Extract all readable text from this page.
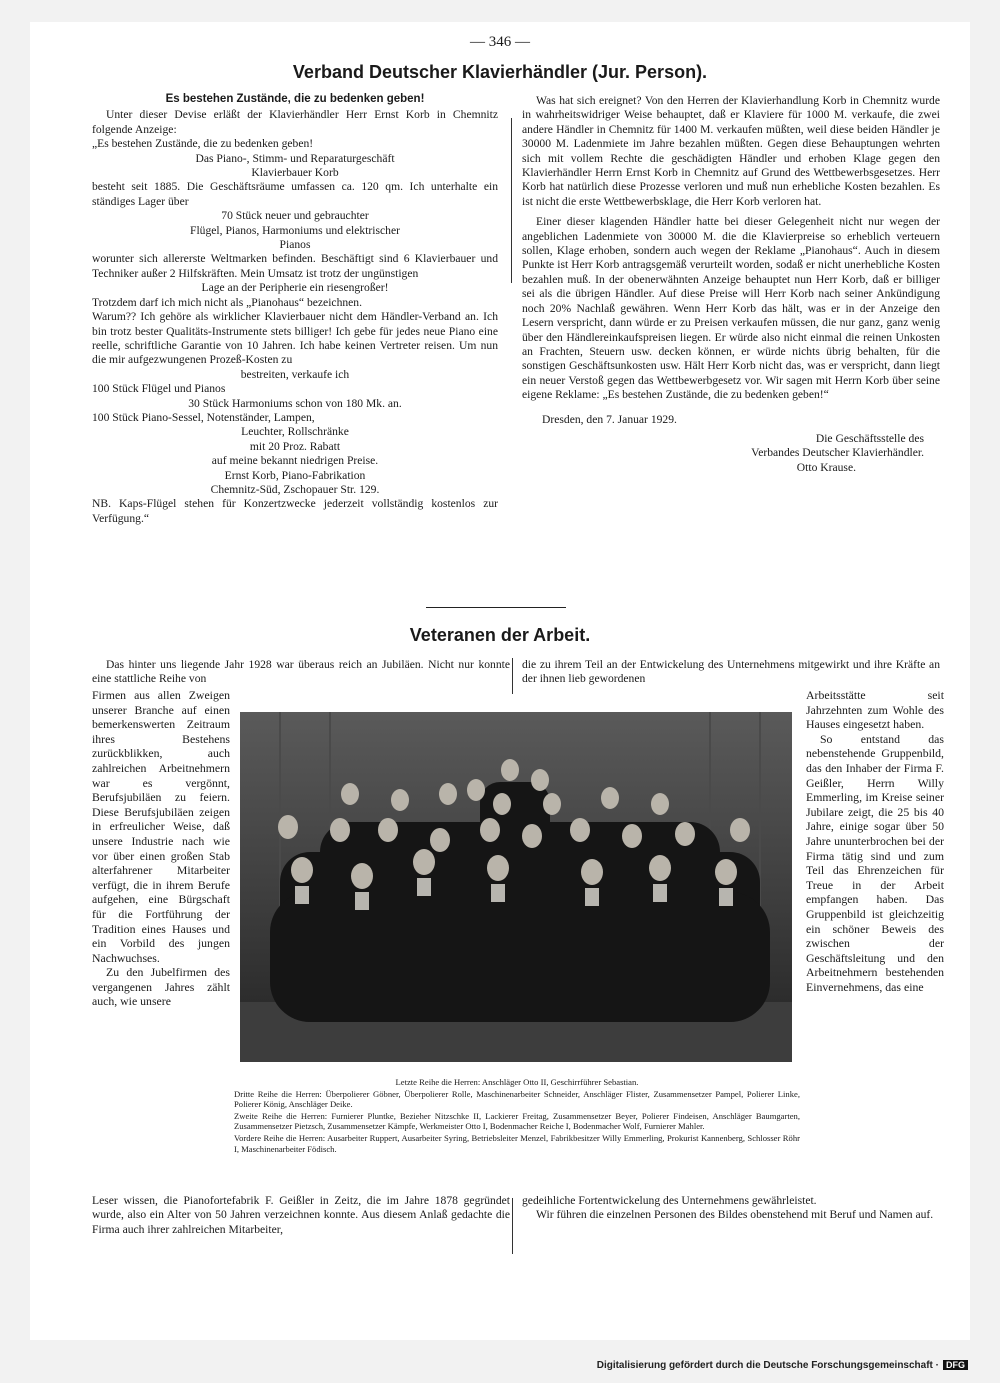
— 346 —
Verband Deutscher Klavierhändler (Jur. Person).

Es bestehen Zustände, die zu bedenken geben!

Unter dieser Devise erläßt der Klavierhändler Herr Ernst Korb in Chemnitz folgende Anzeige:

„Es bestehen Zustände, die zu bedenken geben!

Das Piano-, Stimm- und Reparaturgeschäft

Klavierbauer Korb

besteht seit 1885. Die Geschäftsräume umfassen ca. 120 qm. Ich unterhalte ein ständiges Lager über

70 Stück neuer und gebrauchter

Flügel, Pianos, Harmoniums und elektrischer

Pianos

worunter sich allererste Weltmarken befinden. Beschäftigt sind 6 Klavierbauer und Techniker außer 2 Hilfskräften. Mein Umsatz ist trotz der ungünstigen

Lage an der Peripherie ein riesengroßer!

Trotzdem darf ich mich nicht als „Pianohaus“ bezeichnen.

Warum?? Ich gehöre als wirklicher Klavierbauer nicht dem Händler-Verband an. Ich bin trotz bester Qualitäts-Instrumente stets billiger! Ich gebe für jedes neue Piano eine reelle, schriftliche Garantie von 10 Jahren. Ich habe keinen Vertreter reisen. Um nun die mir aufgezwungenen Prozeß-Kosten zu

bestreiten, verkaufe ich

100 Stück Flügel und Pianos

30 Stück Harmoniums schon von 180 Mk. an.

100 Stück Piano-Sessel, Notenständer, Lampen,

Leuchter, Rollschränke

mit 20 Proz. Rabatt

auf meine bekannt niedrigen Preise.

Ernst Korb, Piano-Fabrikation

Chemnitz-Süd, Zschopauer Str. 129.

NB. Kaps-Flügel stehen für Konzertzwecke jederzeit vollständig kostenlos zur Verfügung.“

Was hat sich ereignet? Von den Herren der Klavierhandlung Korb in Chemnitz wurde in wahrheitswidriger Weise behauptet, daß er Klaviere für 1000 M. verkaufe, die zwei andere Händler in Chemnitz für 1400 M. verkaufen müßten, weil diese beiden Händler je 30000 M. Ladenmiete im Jahre bezahlen müßten. Gegen diese Behauptungen wehrten sich mit vollem Rechte die geschädigten Händler und erhoben Klage gegen den Klavierhändler Herrn Ernst Korb in Chemnitz auf Grund des Wettbewerbsgesetzes. Herr Korb hat natürlich diese Prozesse verloren und muß nun erhebliche Kosten bezahlen. Es ist nicht die erste Wettbewerbsklage, die Herr Korb verloren hat.

Einer dieser klagenden Händler hatte bei dieser Gelegenheit nicht nur wegen der angeblichen Ladenmiete von 30000 M. die die Klavierpreise so erheblich verteuern sollen, Klage erhoben, sondern auch wegen der Reklame „Pianohaus“. Auch in diesem Punkte ist Herr Korb antragsgemäß verurteilt worden, sodaß er nicht unerhebliche Kosten bezahlen muß. In der obenerwähnten Anzeige behauptet nun Herr Korb, daß er billiger sei als die übrigen Händler. Auf diese Preise will Herr Korb nach seiner Ankündigung noch 20% Nachlaß gewähren. Wenn Herr Korb das hält, was er in der Anzeige den Lesern verspricht, dann würde er zu Preisen verkaufen müssen, die nur ganz, ganz wenig über den Händlereinkaufspreisen liegen. Er würde also nicht einmal die reinen Unkosten an Frachten, Steuern usw. decken können, er würde nichts übrig behalten, für die sonstigen Geschäftsunkosten usw. Hält Herr Korb nicht das, was er verspricht, dann liegt ein neuer Verstoß gegen das Wettbewerbgesetz vor. Wir sagen mit Herrn Korb über seine eigene Reklame: „Es bestehen Zustände, die zu bedenken geben!“

Dresden, den 7. Januar 1929.

Die Geschäftsstelle des

Verbandes Deutscher Klavierhändler.

Otto Krause.

Veteranen der Arbeit.

Das hinter uns liegende Jahr 1928 war überaus reich an Jubiläen. Nicht nur konnte eine stattliche Reihe von

die zu ihrem Teil an der Entwickelung des Unternehmens mitgewirkt und ihre Kräfte an der ihnen lieb gewordenen

Firmen aus allen Zweigen unserer Branche auf einen bemerkenswerten Zeitraum ihres Bestehens zurückblikken, auch zahlreichen Arbeitnehmern war es vergönnt, Berufsjubiläen zu feiern. Diese Berufsjubiläen zeigen in erfreulicher Weise, daß unsere Industrie nach wie vor über einen großen Stab alterfahrener Mitarbeiter verfügt, die in ihrem Berufe aufgehen, eine Bürgschaft für die Fortführung der Tradition eines Hauses und ein Vorbild des jungen Nachwuchses.

Zu den Jubelfirmen des vergangenen Jahres zählt auch, wie unsere

Arbeitsstätte seit Jahrzehnten zum Wohle des Hauses eingesetzt haben.

So entstand das nebenstehende Gruppenbild, das den Inhaber der Firma F. Geißler, Herrn Willy Emmerling, im Kreise seiner Jubilare zeigt, die 25 bis 40 Jahre, einige sogar über 50 Jahre ununterbrochen bei der Firma tätig sind und zum Teil das Ehrenzeichen für Treue in der Arbeit empfangen haben. Das Gruppenbild ist gleichzeitig ein schöner Beweis des zwischen der Geschäftsleitung und den Arbeitnehmern bestehenden Einvernehmens, das eine

Letzte Reihe die Herren: Anschläger Otto II, Geschirrführer Sebastian.

Dritte Reihe die Herren: Überpolierer Göbner, Überpolierer Rolle, Maschinenarbeiter Schneider, Anschläger Flister, Zusammensetzer Pampel, Polierer Linke, Polierer König, Anschläger Deike.

Zweite Reihe die Herren: Furnierer Pluntke, Bezieher Nitzschke II, Lackierer Freitag, Zusammensetzer Beyer, Polierer Findeisen, Anschläger Baumgarten, Zusammensetzer Pietzsch, Zusammensetzer Kämpfe, Werkmeister Otto I, Bodenmacher Reiche I, Bodenmacher Wolf, Furnierer Mahler.

Vordere Reihe die Herren: Ausarbeiter Ruppert, Ausarbeiter Syring, Betriebsleiter Menzel, Fabrikbesitzer Willy Emmerling, Prokurist Kannenberg, Schlosser Röhr I, Maschinenarbeiter Födisch.

Leser wissen, die Pianofortefabrik F. Geißler in Zeitz, die im Jahre 1878 gegründet wurde, also ein Alter von 50 Jahren verzeichnen konnte. Aus diesem Anlaß gedachte die Firma auch ihrer zahlreichen Mitarbeiter,

gedeihliche Fortentwickelung des Unternehmens gewährleistet.

Wir führen die einzelnen Personen des Bildes obenstehend mit Beruf und Namen auf.

Digitalisierung gefördert durch die Deutsche Forschungsgemeinschaft · DFG
